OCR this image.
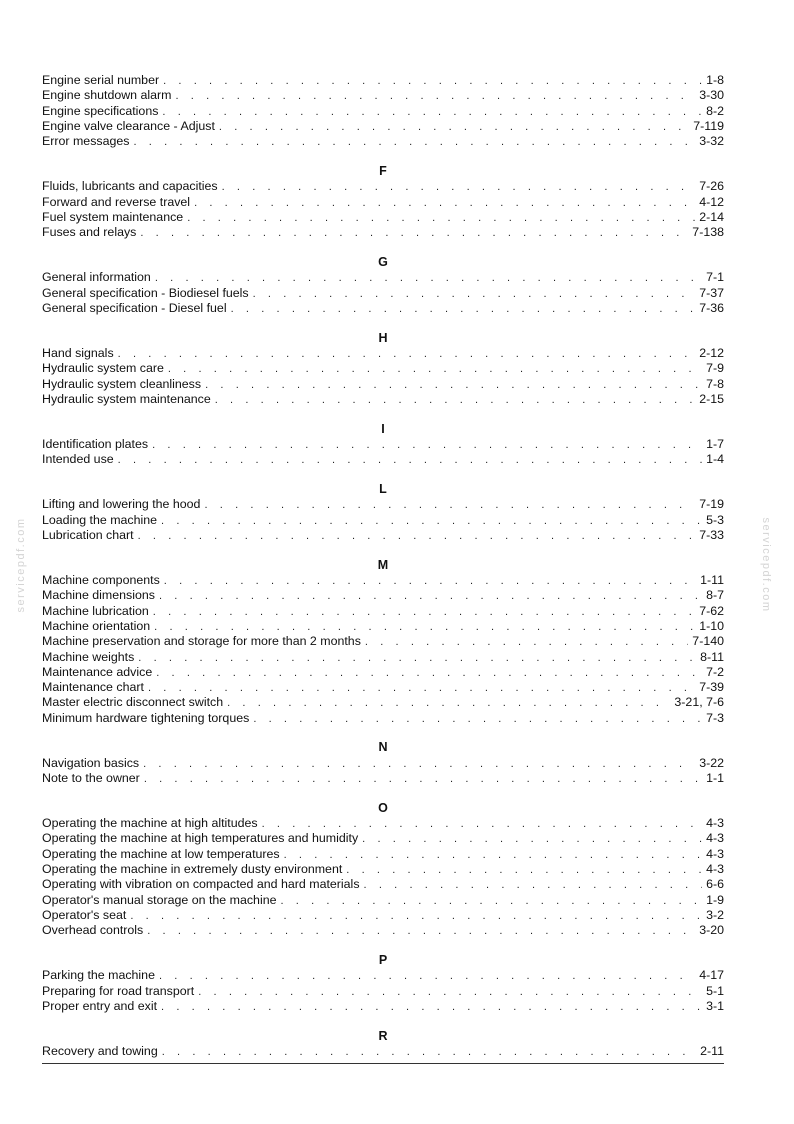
Engine serial number . . .	1-8
Engine shutdown alarm . . .	3-30
Engine specifications . . .	8-2
Engine valve clearance - Adjust . . .	7-119
Error messages . . .	3-32
F
Fluids, lubricants and capacities . . .	7-26
Forward and reverse travel . . .	4-12
Fuel system maintenance . . .	2-14
Fuses and relays . . .	7-138
G
General information . . .	7-1
General specification - Biodiesel fuels . . .	7-37
General specification - Diesel fuel . . .	7-36
H
Hand signals . . .	2-12
Hydraulic system care . . .	7-9
Hydraulic system cleanliness . . .	7-8
Hydraulic system maintenance . . .	2-15
I
Identification plates . . .	1-7
Intended use . . .	1-4
L
Lifting and lowering the hood . . .	7-19
Loading the machine . . .	5-3
Lubrication chart . . .	7-33
M
Machine components . . .	1-11
Machine dimensions . . .	8-7
Machine lubrication . . .	7-62
Machine orientation . . .	1-10
Machine preservation and storage for more than 2 months . . .	7-140
Machine weights . . .	8-11
Maintenance advice . . .	7-2
Maintenance chart . . .	7-39
Master electric disconnect switch . . .	3-21, 7-6
Minimum hardware tightening torques . . .	7-3
N
Navigation basics . . .	3-22
Note to the owner . . .	1-1
O
Operating the machine at high altitudes . . .	4-3
Operating the machine at high temperatures and humidity . . .	4-3
Operating the machine at low temperatures . . .	4-3
Operating the machine in extremely dusty environment . . .	4-3
Operating with vibration on compacted and hard materials . . .	6-6
Operator's manual storage on the machine . . .	1-9
Operator's seat . . .	3-2
Overhead controls . . .	3-20
P
Parking the machine . . .	4-17
Preparing for road transport . . .	5-1
Proper entry and exit . . .	3-1
R
Recovery and towing . . .	2-11
servicepdf.com	servicepdf.com
